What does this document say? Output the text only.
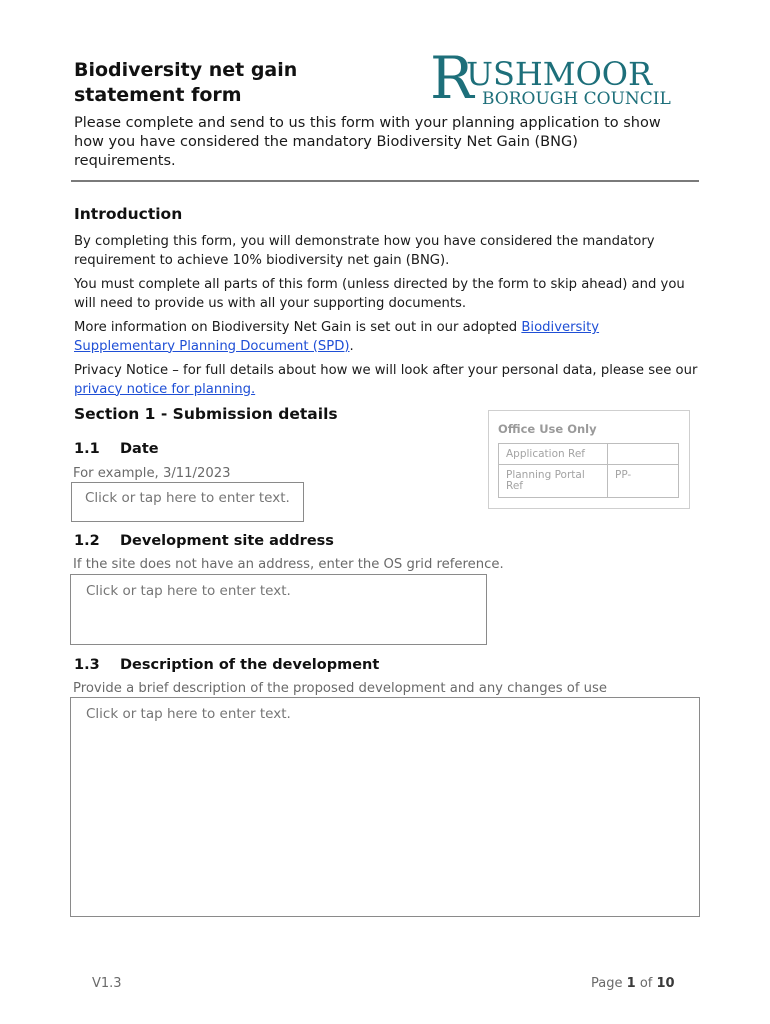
Biodiversity net gain
statement form	R
USHMOOR
BOROUGH COUNCIL
Please complete and send to us this form with your planning application to show how you have considered the mandatory Biodiversity Net Gain (BNG) requirements.
Introduction
By completing this form, you will demonstrate how you have considered the mandatory requirement to achieve 10% biodiversity net gain (BNG).
You must complete all parts of this form (unless directed by the form to skip ahead) and you will need to provide us with all your supporting documents.
More information on Biodiversity Net Gain is set out in our adopted Biodiversity Supplementary Planning Document (SPD).
Privacy Notice – for full details about how we will look after your personal data, please see our privacy notice for planning.
Section 1 - Submission details
Office Use Only
Application Ref	
Planning Portal Ref	PP-
1.1 Date
For example, 3/11/2023
Click or tap here to enter text.
1.2 Development site address
If the site does not have an address, enter the OS grid reference.
Click or tap here to enter text.
1.3 Description of the development
Provide a brief description of the proposed development and any changes of use
Click or tap here to enter text.
V1.3	Page 1 of 10
